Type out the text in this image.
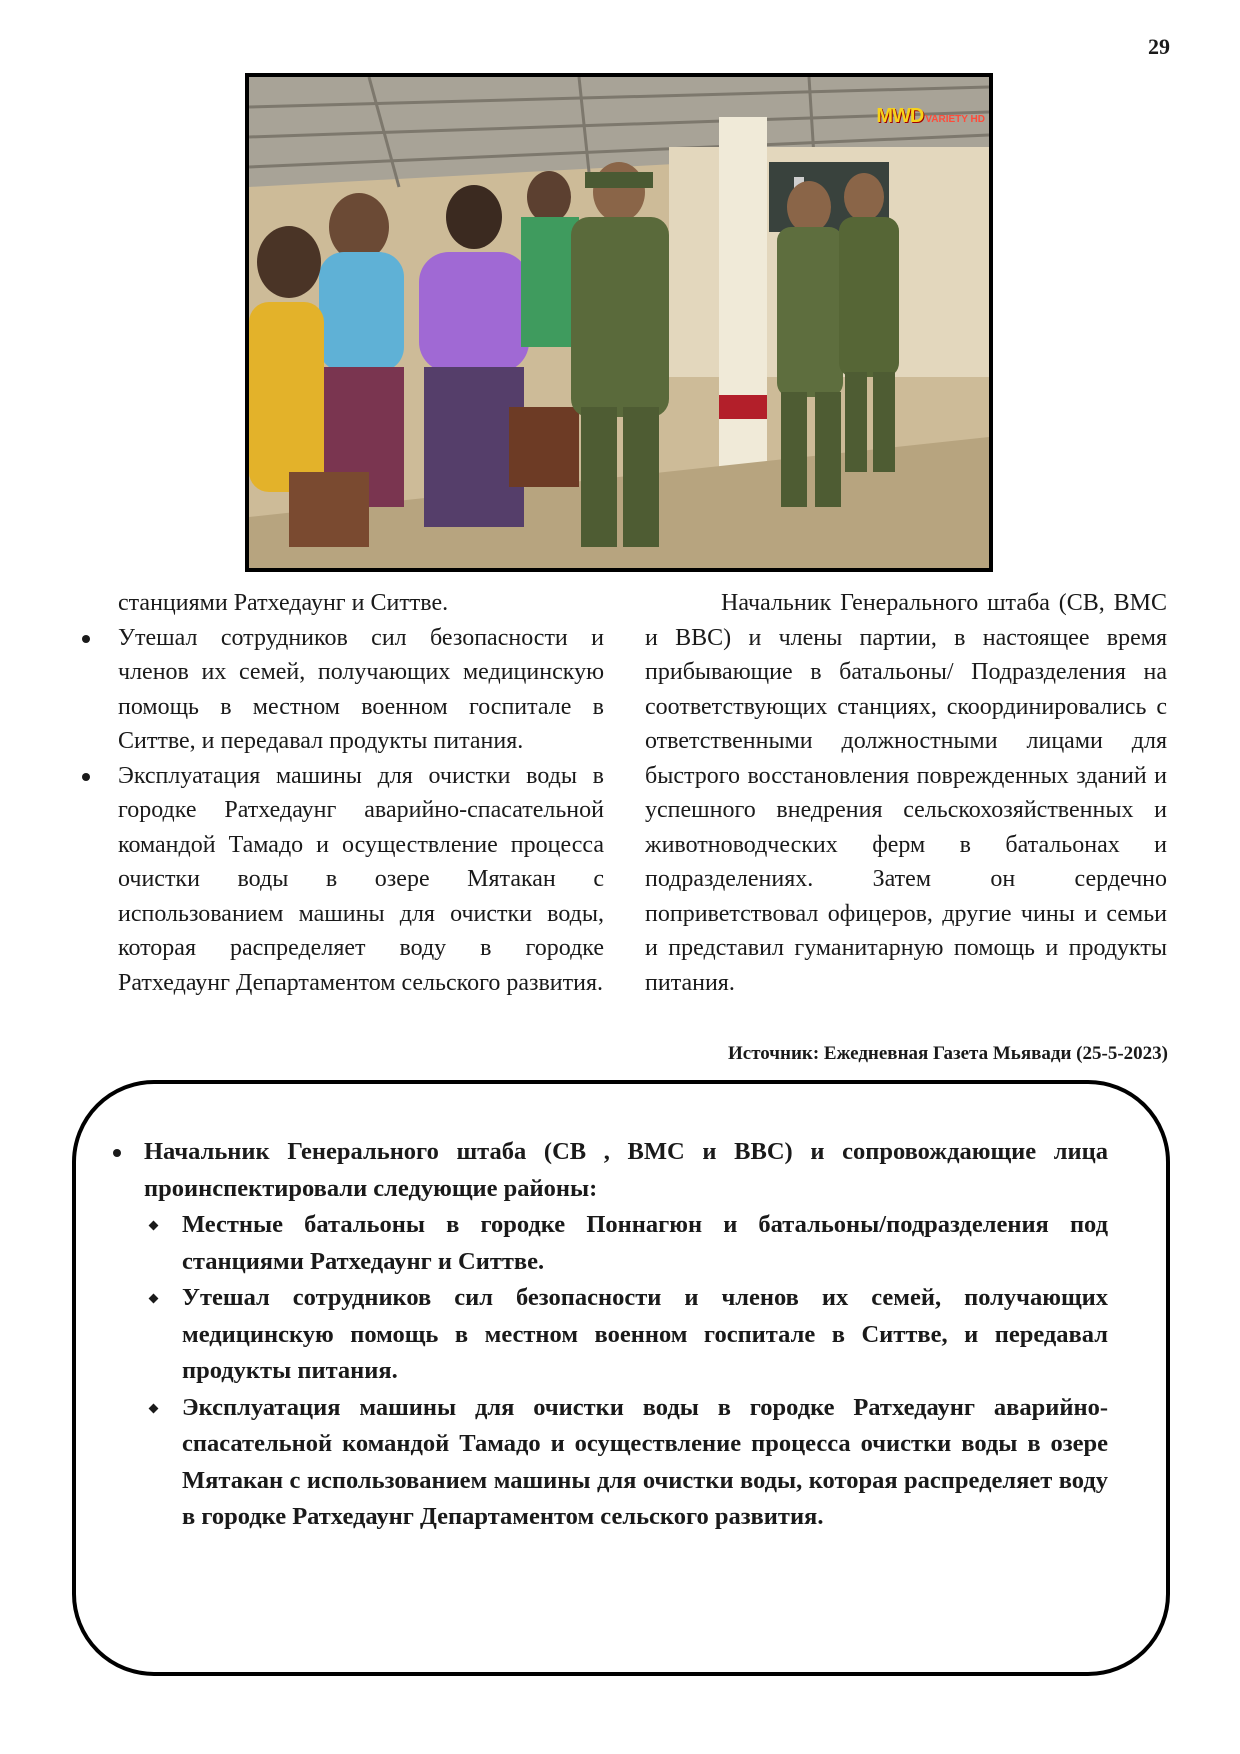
29
MWD VARIETY HD

станциями Ратхедаунг и Ситтве.

Утешал сотрудников сил безопасности и членов их семей, получающих медицинскую помощь в местном военном госпитале в Ситтве, и передавал продукты питания.
Эксплуатация машины для очистки воды в городке Ратхедаунг аварийно-спасательной командой Тамадо и осуществление процесса очистки воды в озере Мятакан с использованием машины для очистки воды, которая распределяет воду в городке Ратхедаунг Департаментом сельского развития.

Начальник Генерального штаба (СВ, ВМС и ВВС) и члены партии, в настоящее время прибывающие в батальоны/ Подразделения на соответствующих станциях, скоординировались с ответственными должностными лицами для быстрого восстановления поврежденных зданий и успешного внедрения сельскохозяйственных и животноводческих ферм в батальонах и подразделениях. Затем он сердечно поприветствовал офицеров, другие чины и семьи и представил гуманитарную помощь и продукты питания.

Источник: Ежедневная Газета Мьявади (25-5-2023)

Начальник Генерального штаба (СВ , ВМС и ВВС) и сопровождающие лица проинспектировали следующие районы:

Местные батальоны в городке Поннагюн и батальоны/подразделения под станциями Ратхедаунг и Ситтве.
Утешал сотрудников сил безопасности и членов их семей, получающих медицинскую помощь в местном военном госпитале в Ситтве, и передавал продукты питания.
Эксплуатация машины для очистки воды в городке Ратхедаунг аварийно-спасательной командой Тамадо и осуществление процесса очистки воды в озере Мятакан с использованием машины для очистки воды, которая распределяет воду в городке Ратхедаунг Департаментом сельского развития.
